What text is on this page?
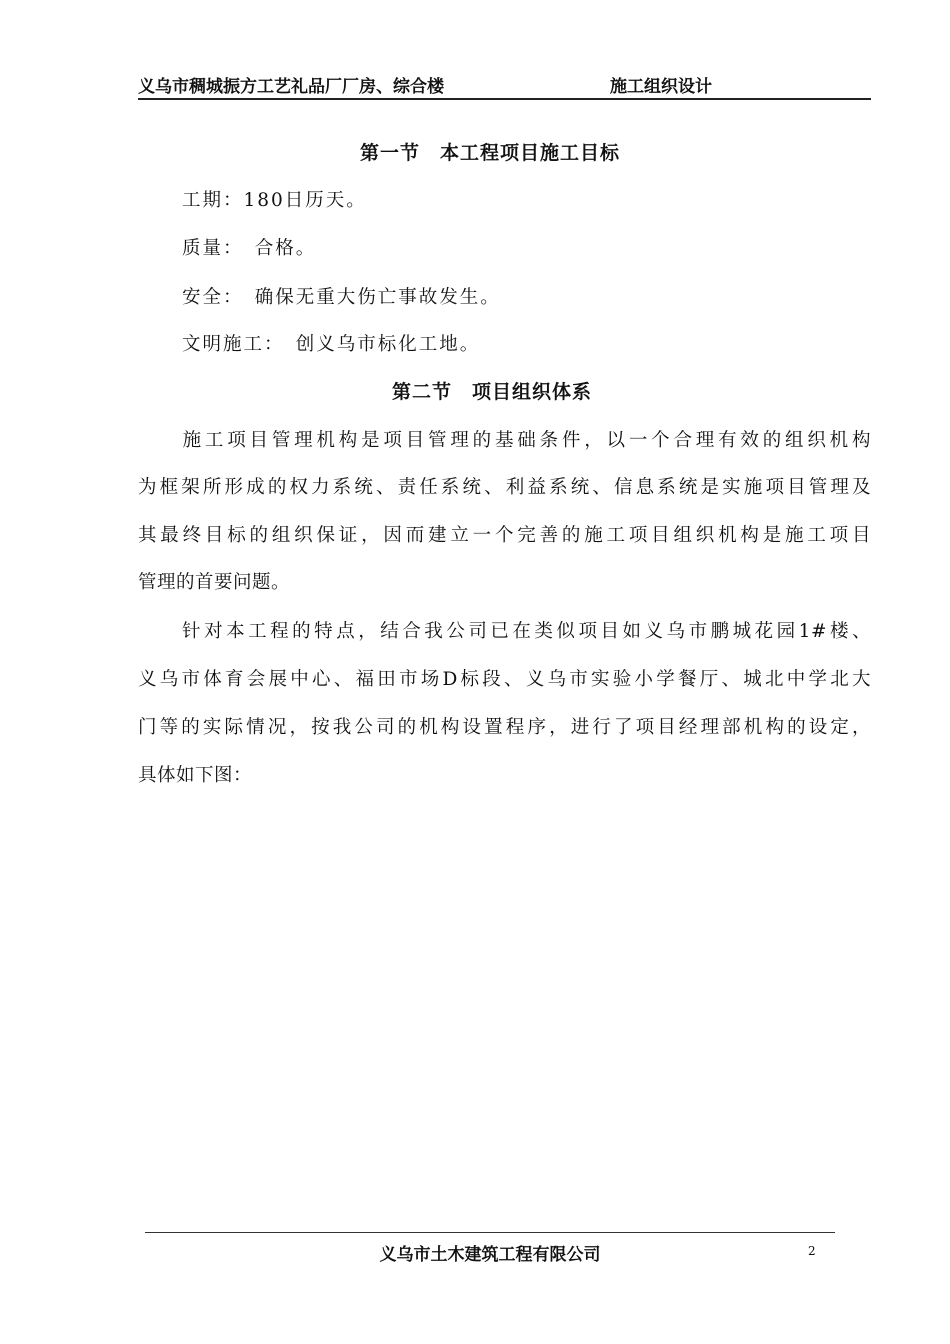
义乌市稠城振方工艺礼品厂厂房、综合楼	施工组织设计
第一节　本工程项目施工目标
工期：180日历天。
质量：　合格。
安全：　确保无重大伤亡事故发生。
文明施工：　创义乌市标化工地。
第二节　项目组织体系
　　施工项目管理机构是项目管理的基础条件，以一个合理有效的组织机构
为框架所形成的权力系统、责任系统、利益系统、信息系统是实施项目管理及
其最终目标的组织保证，因而建立一个完善的施工项目组织机构是施工项目
管理的首要问题。
　　针对本工程的特点，结合我公司已在类似项目如义乌市鹏城花园1#楼、
义乌市体育会展中心、福田市场D标段、义乌市实验小学餐厅、城北中学北大
门等的实际情况，按我公司的机构设置程序，进行了项目经理部机构的设定，
具体如下图：
义乌市土木建筑工程有限公司	2
